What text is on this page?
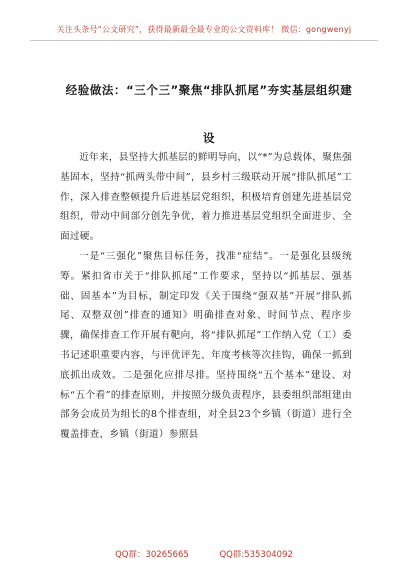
关注头条号“公文研究”，获得最新最全最专业的公文资料库！ 微信：gongwenyj
经验做法：“三个三”聚焦“排队抓尾”夯实基层组织建设

近年来，县坚持大抓基层的鲜明导向，以“*”为总载体，聚焦强基固本，坚持“抓两头带中间”，县乡村三级联动开展“排队抓尾”工作，深入排查整顿提升后进基层党组织，积极培育创建先进基层党组织，带动中间部分创先争优，着力推进基层党组织全面进步、全面过硬。

一是“三强化”聚焦目标任务，找准“症结”。一是强化县级统筹。紧扣省市关于“排队抓尾”工作要求，坚持以“抓基层、强基础、固基本”为目标，制定印发《关于围绕“强双基”开展“排队抓尾、双整双创”排查的通知》明确排查对象、时间节点、程序步骤，确保排查工作开展有靶向，将“排队抓尾”工作纳入党（工）委书记述职重要内容，与评优评先、年度考核等次挂钩，确保一抓到底抓出成效。二是强化应排尽排。坚持围绕“五个基本”建设、对标“五个看”的排查原则，并按照分级负责程序，县委组织部组建由部务会成员为组长的8个排查组，对全县23个乡镇（街道）进行全覆盖排查，乡镇（街道）参照县

QQ群：30265665	QQ群:535304092
